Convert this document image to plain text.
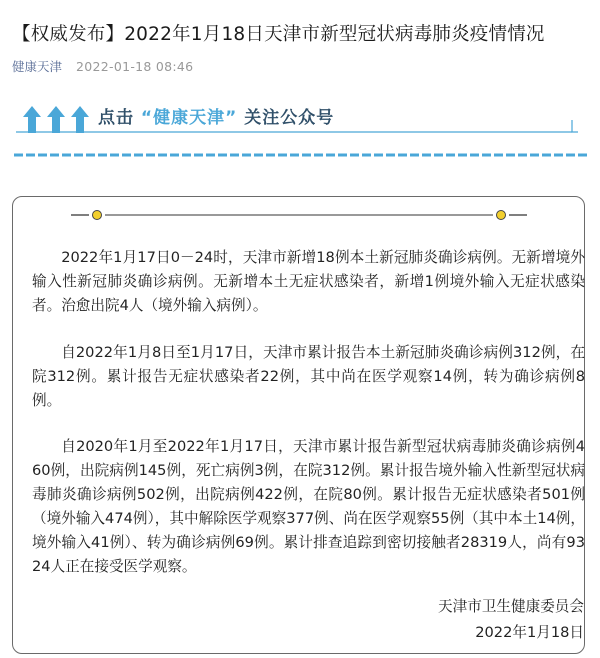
【权威发布】2022年1月18日天津市新型冠状病毒肺炎疫情情况
健康天津 2022-01-18 08:46
点击 “健康天津” 关注公众号
2022年1月17日0－24时，天津市新增18例本土新冠肺炎确诊病例。无新增境外输入性新冠肺炎确诊病例。无新增本土无症状感染者，新增1例境外输入无症状感染者。治愈出院4人（境外输入病例）。
自2022年1月8日至1月17日，天津市累计报告本土新冠肺炎确诊病例312例，在院312例。累计报告无症状感染者22例，其中尚在医学观察14例，转为确诊病例8例。
自2020年1月至2022年1月17日，天津市累计报告新型冠状病毒肺炎确诊病例460例，出院病例145例，死亡病例3例，在院312例。累计报告境外输入性新型冠状病毒肺炎确诊病例502例，出院病例422例，在院80例。累计报告无症状感染者501例（境外输入474例），其中解除医学观察377例、尚在医学观察55例（其中本土14例，境外输入41例）、转为确诊病例69例。累计排查追踪到密切接触者28319人，尚有9324人正在接受医学观察。
天津市卫生健康委员会
2022年1月18日
